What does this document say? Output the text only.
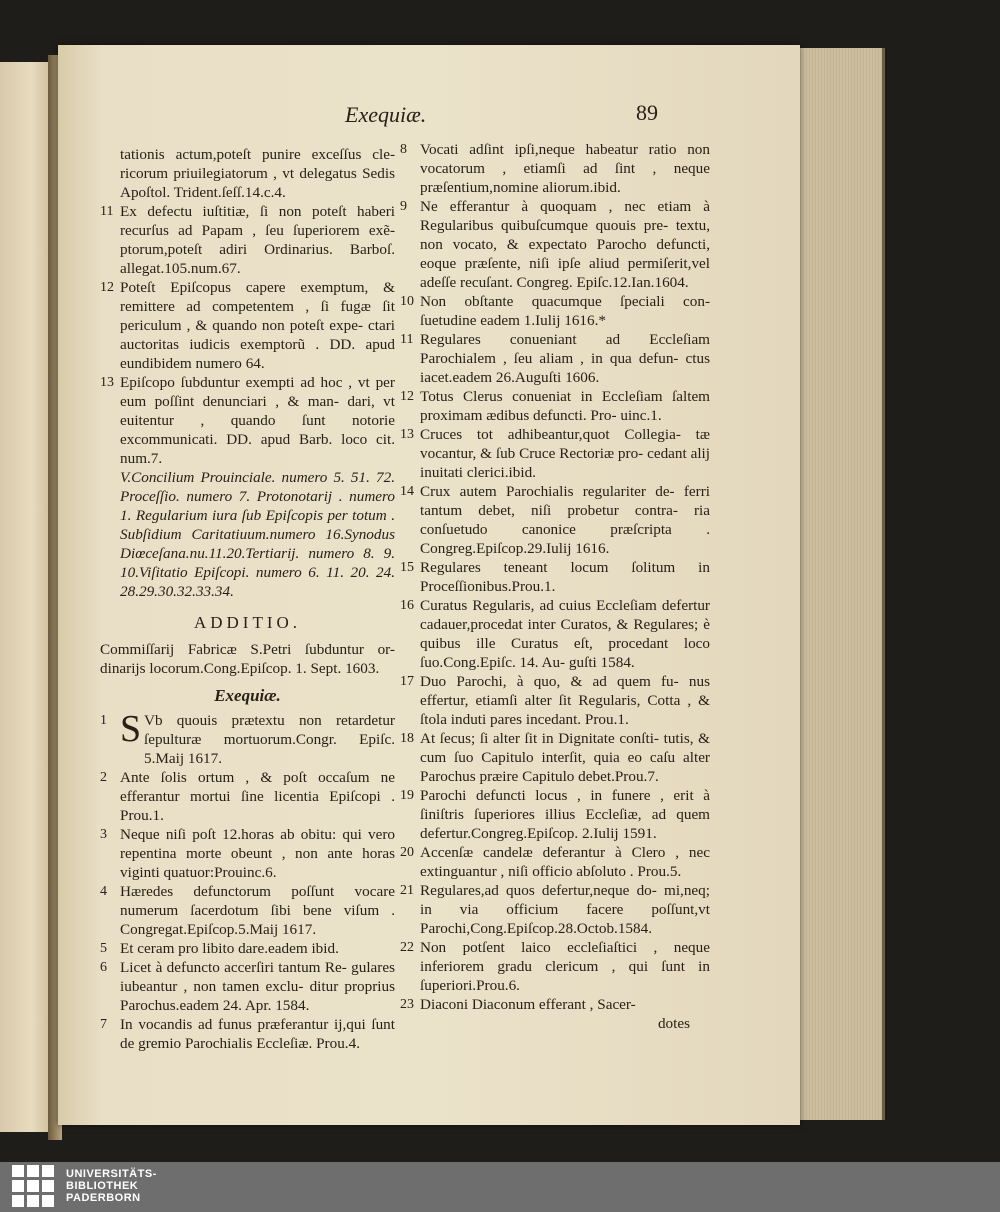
Exequiæ.	89
tationis actum,poteſt punire exceſſus cle- ricorum priuilegiatorum , vt delegatus Sedis Apoſtol. Trident.ſeſſ.14.c.4.
11 Ex defectu iuſtitiæ, ſi non poteſt haberi recurſus ad Papam , ſeu ſuperiorem exẽ- ptorum,poteſt adiri Ordinarius. Barboſ. allegat.105.num.67.
12 Poteſt Epiſcopus capere exemptum, & remittere ad competentem , ſi fugæ ſit periculum , & quando non poteſt expe- ctari auctoritas iudicis exemptorũ . DD. apud eundibidem numero 64.
13 Epiſcopo ſubduntur exempti ad hoc , vt per eum poſſint denunciari , & man- dari, vt euitentur , quando ſunt notorie excommunicati. DD. apud Barb. loco cit. num.7.
V.Concilium Prouinciale. numero 5. 51. 72. Proceſſio. numero 7. Protonotarij . numero 1. Regularium iura ſub Epiſcopis per totum . Subſidium Caritatiuum.numero 16.Synodus Diœceſana.nu.11.20.Tertiarij. numero 8. 9. 10.Viſitatio Epiſcopi. numero 6. 11. 20. 24. 28.29.30.32.33.34.
ADDITIO.
Commiſſarij Fabricæ S.Petri ſubduntur or- dinarijs locorum.Cong.Epiſcop. 1. Sept. 1603.
Exequiæ.
1 S Vb quouis prætextu non retardetur ſepulturæ mortuorum.Congr. Epiſc. 5.Maij 1617.
2 Ante ſolis ortum , & poſt occaſum ne efferantur mortui ſine licentia Epiſcopi . Prou.1.
3 Neque niſi poſt 12.horas ab obitu: qui vero repentina morte obeunt , non ante horas viginti quatuor:Prouinc.6.
4 Hæredes defunctorum poſſunt vocare numerum ſacerdotum ſibi bene viſum . Congregat.Epiſcop.5.Maij 1617.
5 Et ceram pro libito dare.eadem ibid.
6 Licet à defuncto accerſiri tantum Re- gulares iubeantur , non tamen exclu- ditur proprius Parochus.eadem 24. Apr. 1584.
7 In vocandis ad funus præferantur ij,qui ſunt de gremio Parochialis Eccleſiæ. Prou.4.
8 Vocati adſint ipſi,neque habeatur ratio non vocatorum , etiamſi ad ſint , neque præſentium,nomine aliorum.ibid.
9 Ne efferantur à quoquam , nec etiam à Regularibus quibuſcumque quouis pre- textu, non vocato, & expectato Parocho defuncti, eoque præſente, niſi ipſe aliud permiſerit,vel adeſſe recuſant. Congreg. Epiſc.12.Ian.1604.
10 Non obſtante quacumque ſpeciali con- ſuetudine eadem 1.Iulij 1616.*
11 Regulares conueniant ad Eccleſiam Parochialem , ſeu aliam , in qua defun- ctus iacet.eadem 26.Auguſti 1606.
12 Totus Clerus conueniat in Eccleſiam ſaltem proximam ædibus defuncti. Pro- uinc.1.
13 Cruces tot adhibeantur,quot Collegia- tæ vocantur, & ſub Cruce Rectoriæ pro- cedant alij inuitati clerici.ibid.
14 Crux autem Parochialis regulariter de- ferri tantum debet, niſi probetur contra- ria conſuetudo canonice præſcripta . Congreg.Epiſcop.29.Iulij 1616.
15 Regulares teneant locum ſolitum in Proceſſionibus.Prou.1.
16 Curatus Regularis, ad cuius Eccleſiam defertur cadauer,procedat inter Curatos, & Regulares; è quibus ille Curatus eſt, procedant loco ſuo.Cong.Epiſc. 14. Au- guſti 1584.
17 Duo Parochi, à quo, & ad quem fu- nus effertur, etiamſi alter ſit Regularis, Cotta , & ſtola induti pares incedant. Prou.1.
18 At ſecus; ſi alter ſit in Dignitate conſti- tutis, & cum ſuo Capitulo interſit, quia eo caſu alter Parochus præire Capitulo debet.Prou.7.
19 Parochi defuncti locus , in funere , erit à ſiniſtris ſuperiores illius Eccleſiæ, ad quem defertur.Congreg.Epiſcop. 2.Iulij 1591.
20 Accenſæ candelæ deferantur à Clero , nec extinguantur , niſi officio abſoluto . Prou.5.
21 Regulares,ad quos defertur,neque do- mi,neq; in via officium facere poſſunt,vt Parochi,Cong.Epiſcop.28.Octob.1584.
22 Non potſent laico eccleſiaſtici , neque inferiorem gradu clericum , qui ſunt in ſuperiori.Prou.6.
23 Diaconi Diaconum efferant , Sacer-
dotes
UNIVERSITÄTS-
BIBLIOTHEK
PADERBORN
